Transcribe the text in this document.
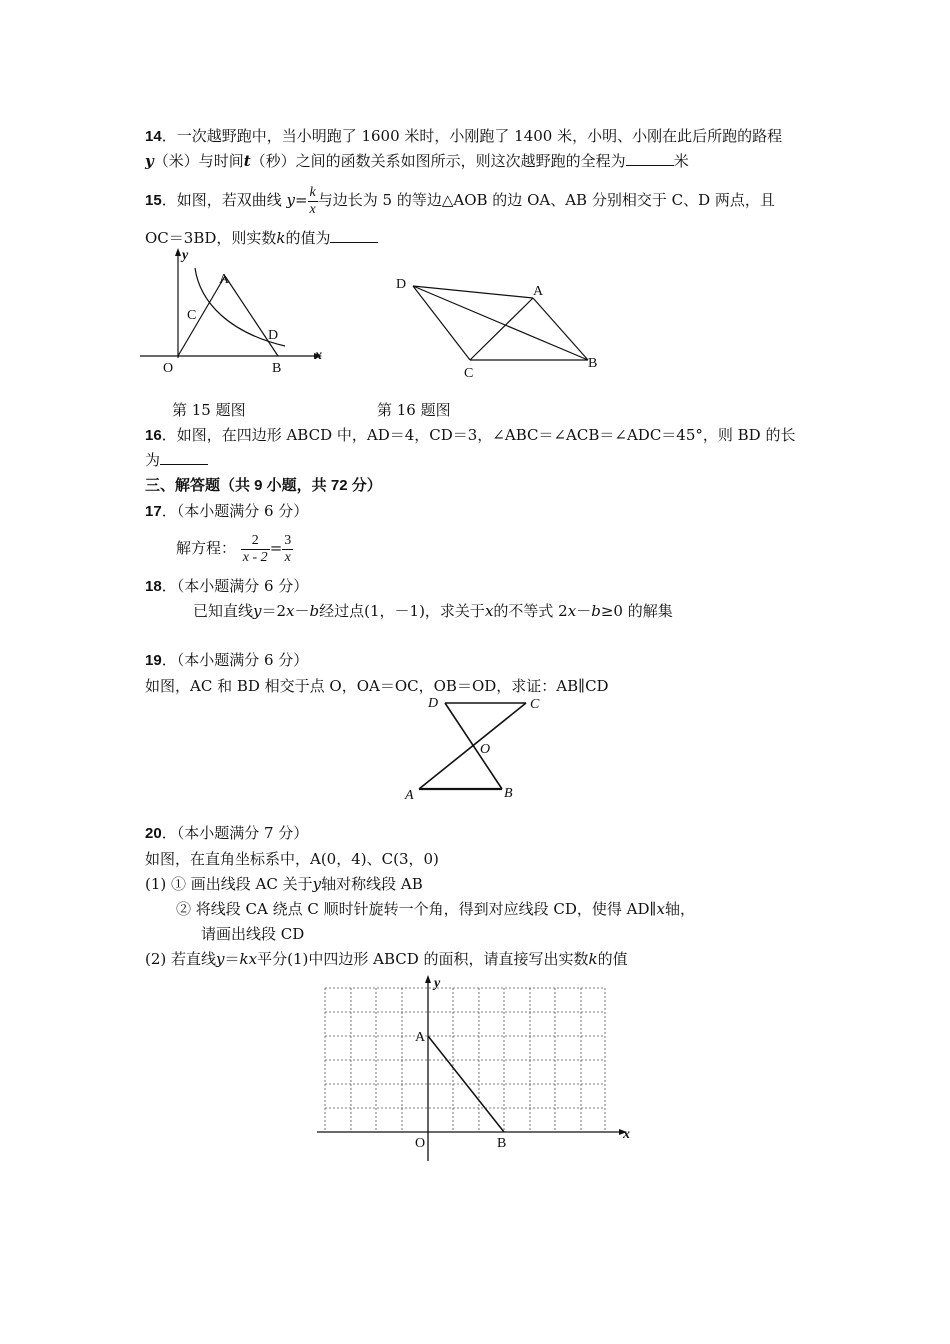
14．一次越野跑中，当小明跑了 1600 米时，小刚跑了 1400 米，小明、小刚在此后所跑的路程
y（米）与时间t（秒）之间的函数关系如图所示，则这次越野跑的全程为	米
15．如图，若双曲线 $y= \frac{k}{x}$ 与边长为 5 的等边△AOB 的边 OA、AB 分别相交于 C、D 两点，且
OC＝3BD，则实数k的值为
y
x
A
C
D
O	B
D	A
C
B
第 15 题图	第 16 题图
16．如图，在四边形 ABCD 中，AD＝4，CD＝3，∠ABC＝∠ACB＝∠ADC＝45°，则 BD 的长
为
三、解答题（共 9 小题，共 72 分）
17．（本小题满分 6 分）
解方程： $\frac{2}{x - 2} = \frac{3}{x}$
18．（本小题满分 6 分）
已知直线y＝2x－b经过点(1，－1)，求关于x的不等式 2x－b≥0 的解集
19．（本小题满分 6 分）
如图，AC 和 BD 相交于点 O，OA＝OC，OB＝OD，求证：AB∥CD
D	C
O
A	B
20．（本小题满分 7 分）
如图，在直角坐标系中，A(0，4)、C(3，0)
(1) ① 画出线段 AC 关于y轴对称线段 AB
② 将线段 CA 绕点 C 顺时针旋转一个角，得到对应线段 CD，使得 AD∥x轴，
请画出线段 CD
(2) 若直线y＝kx平分(1)中四边形 ABCD 的面积，请直接写出实数k的值
y
x
A
O	B
